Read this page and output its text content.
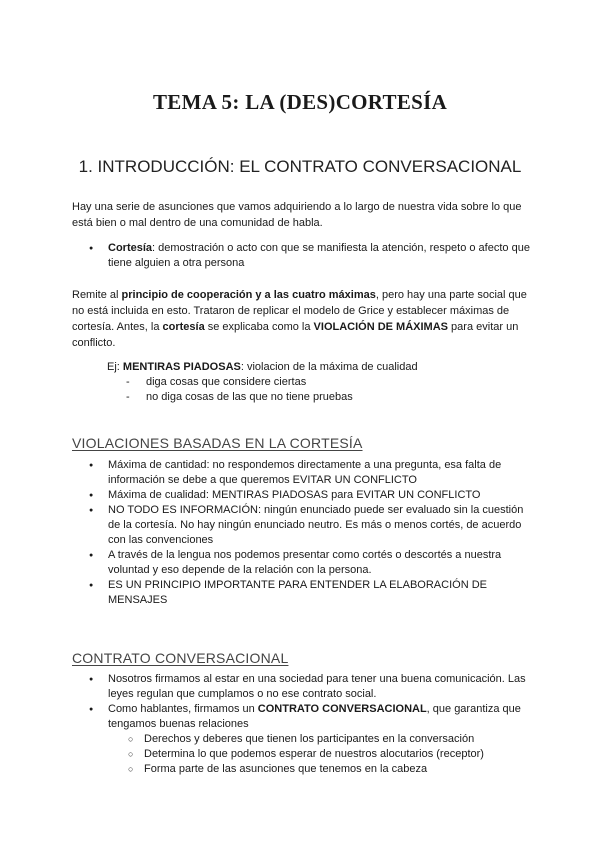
TEMA 5: LA (DES)CORTESÍA
1. INTRODUCCIÓN: EL CONTRATO CONVERSACIONAL

Hay una serie de asunciones que vamos adquiriendo a lo largo de nuestra vida sobre lo que está bien o mal dentro de una comunidad de habla.

● Cortesía: demostración o acto con que se manifiesta la atención, respeto o afecto que tiene alguien a otra persona

Remite al principio de cooperación y a las cuatro máximas, pero hay una parte social que no está incluida en esto. Trataron de replicar el modelo de Grice y establecer máximas de cortesía. Antes, la cortesía se explicaba como la VIOLACIÓN DE MÁXIMAS para evitar un conflicto.

Ej: MENTIRAS PIADOSAS: violacion de la máxima de cualidad
- diga cosas que considere ciertas
- no diga cosas de las que no tiene pruebas
VIOLACIONES BASADAS EN LA CORTESÍA
● Máxima de cantidad: no respondemos directamente a una pregunta, esa falta de información se debe a que queremos EVITAR UN CONFLICTO
● Máxima de cualidad: MENTIRAS PIADOSAS para EVITAR UN CONFLICTO
● NO TODO ES INFORMACIÓN: ningún enunciado puede ser evaluado sin la cuestión de la cortesía. No hay ningún enunciado neutro. Es más o menos cortés, de acuerdo con las convenciones
● A través de la lengua nos podemos presentar como cortés o descortés a nuestra voluntad y eso depende de la relación con la persona.
● ES UN PRINCIPIO IMPORTANTE PARA ENTENDER LA ELABORACIÓN DE MENSAJES
CONTRATO CONVERSACIONAL
● Nosotros firmamos al estar en una sociedad para tener una buena comunicación. Las leyes regulan que cumplamos o no ese contrato social.
● Como hablantes, firmamos un CONTRATO CONVERSACIONAL, que garantiza que tengamos buenas relaciones
○ Derechos y deberes que tienen los participantes en la conversación
○ Determina lo que podemos esperar de nuestros alocutarios (receptor)
○ Forma parte de las asunciones que tenemos en la cabeza
